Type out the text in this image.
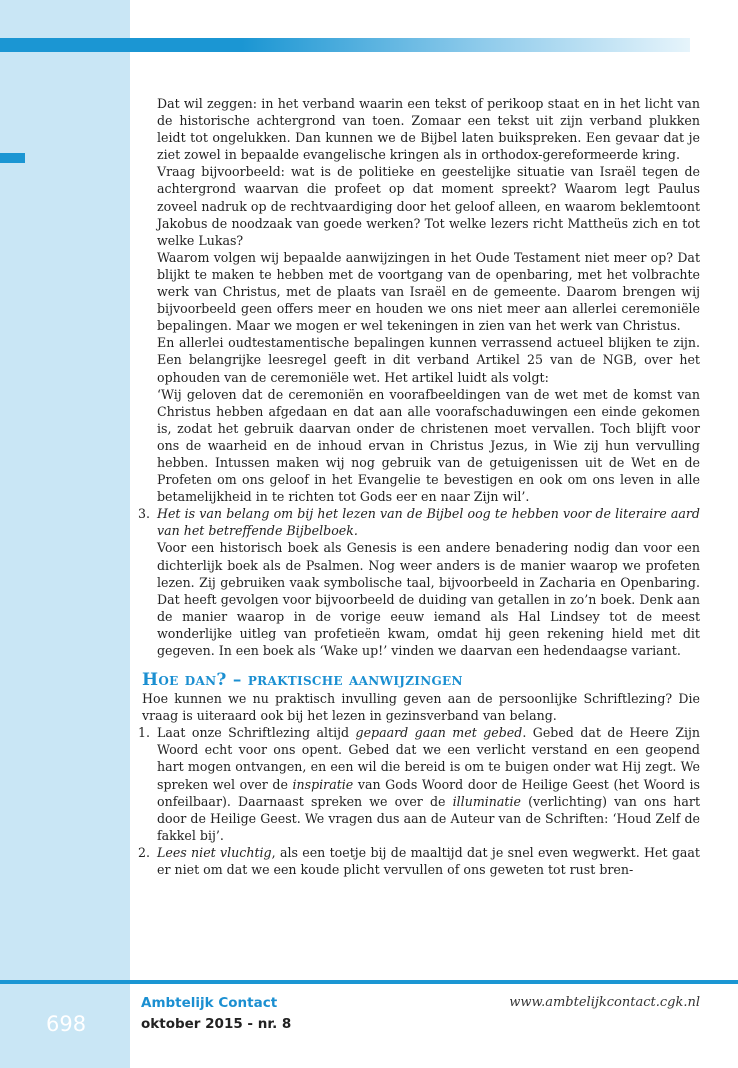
Dat wil zeggen: in het verband waarin een tekst of perikoop staat en in het licht van de historische achtergrond van toen. Zomaar een tekst uit zijn verband plukken leidt tot ongelukken. Dan kunnen we de Bijbel laten buikspreken. Een gevaar dat je ziet zowel in bepaalde evangelische kringen als in orthodox-gereformeerde kring.

Vraag bijvoorbeeld: wat is de politieke en geestelijke situatie van Israël tegen de achtergrond waarvan die profeet op dat moment spreekt? Waarom legt Paulus zoveel nadruk op de rechtvaardiging door het geloof alleen, en waarom beklemtoont Jakobus de noodzaak van goede werken? Tot welke lezers richt Mattheüs zich en tot welke Lukas?

Waarom volgen wij bepaalde aanwijzingen in het Oude Testament niet meer op? Dat blijkt te maken te hebben met de voortgang van de openbaring, met het volbrachte werk van Christus, met de plaats van Israël en de gemeente. Daarom brengen wij bijvoorbeeld geen offers meer en houden we ons niet meer aan allerlei ceremoniële bepalingen. Maar we mogen er wel tekeningen in zien van het werk van Christus.

En allerlei oudtestamentische bepalingen kunnen verrassend actueel blijken te zijn. Een belangrijke leesregel geeft in dit verband Artikel 25 van de NGB, over het ophouden van de ceremoniële wet. Het artikel luidt als volgt:

‘Wij geloven dat de ceremoniën en voorafbeeldingen van de wet met de komst van Christus hebben afgedaan en dat aan alle voorafschaduwingen een einde gekomen is, zodat het gebruik daarvan onder de christenen moet vervallen. Toch blijft voor ons de waarheid en de inhoud ervan in Christus Jezus, in Wie zij hun vervulling hebben. Intussen maken wij nog gebruik van de getuigenissen uit de Wet en de Profeten om ons geloof in het Evangelie te bevestigen en ook om ons leven in alle betamelijkheid in te richten tot Gods eer en naar Zijn wil’.

3. Het is van belang om bij het lezen van de Bijbel oog te hebben voor de literaire aard van het betreffende Bijbelboek.

Voor een historisch boek als Genesis is een andere benadering nodig dan voor een dichterlijk boek als de Psalmen. Nog weer anders is de manier waarop we profeten lezen. Zij gebruiken vaak symbolische taal, bijvoorbeeld in Zacharia en Openbaring. Dat heeft gevolgen voor bijvoorbeeld de duiding van getallen in zo’n boek. Denk aan de manier waarop in de vorige eeuw iemand als Hal Lindsey tot de meest wonderlijke uitleg van profetieën kwam, omdat hij geen rekening hield met dit gegeven. In een boek als ‘Wake up!’ vinden we daarvan een hedendaagse variant.

Hoe dan? – praktische aanwijzingen

Hoe kunnen we nu praktisch invulling geven aan de persoonlijke Schriftlezing? Die vraag is uiteraard ook bij het lezen in gezinsverband van belang.

1. Laat onze Schriftlezing altijd gepaard gaan met gebed. Gebed dat de Heere Zijn Woord echt voor ons opent. Gebed dat we een verlicht verstand en een geopend hart mogen ontvangen, en een wil die bereid is om te buigen onder wat Hij zegt. We spreken wel over de inspiratie van Gods Woord door de Heilige Geest (het Woord is onfeilbaar). Daarnaast spreken we over de illuminatie (verlichting) van ons hart door de Heilige Geest. We vragen dus aan de Auteur van de Schriften: ‘Houd Zelf de fakkel bij’.

2. Lees niet vluchtig, als een toetje bij de maaltijd dat je snel even wegwerkt. Het gaat er niet om dat we een koude plicht vervullen of ons geweten tot rust bren-

698
Ambtelijk Contact
oktober 2015 - nr. 8
www.ambtelijkcontact.cgk.nl
